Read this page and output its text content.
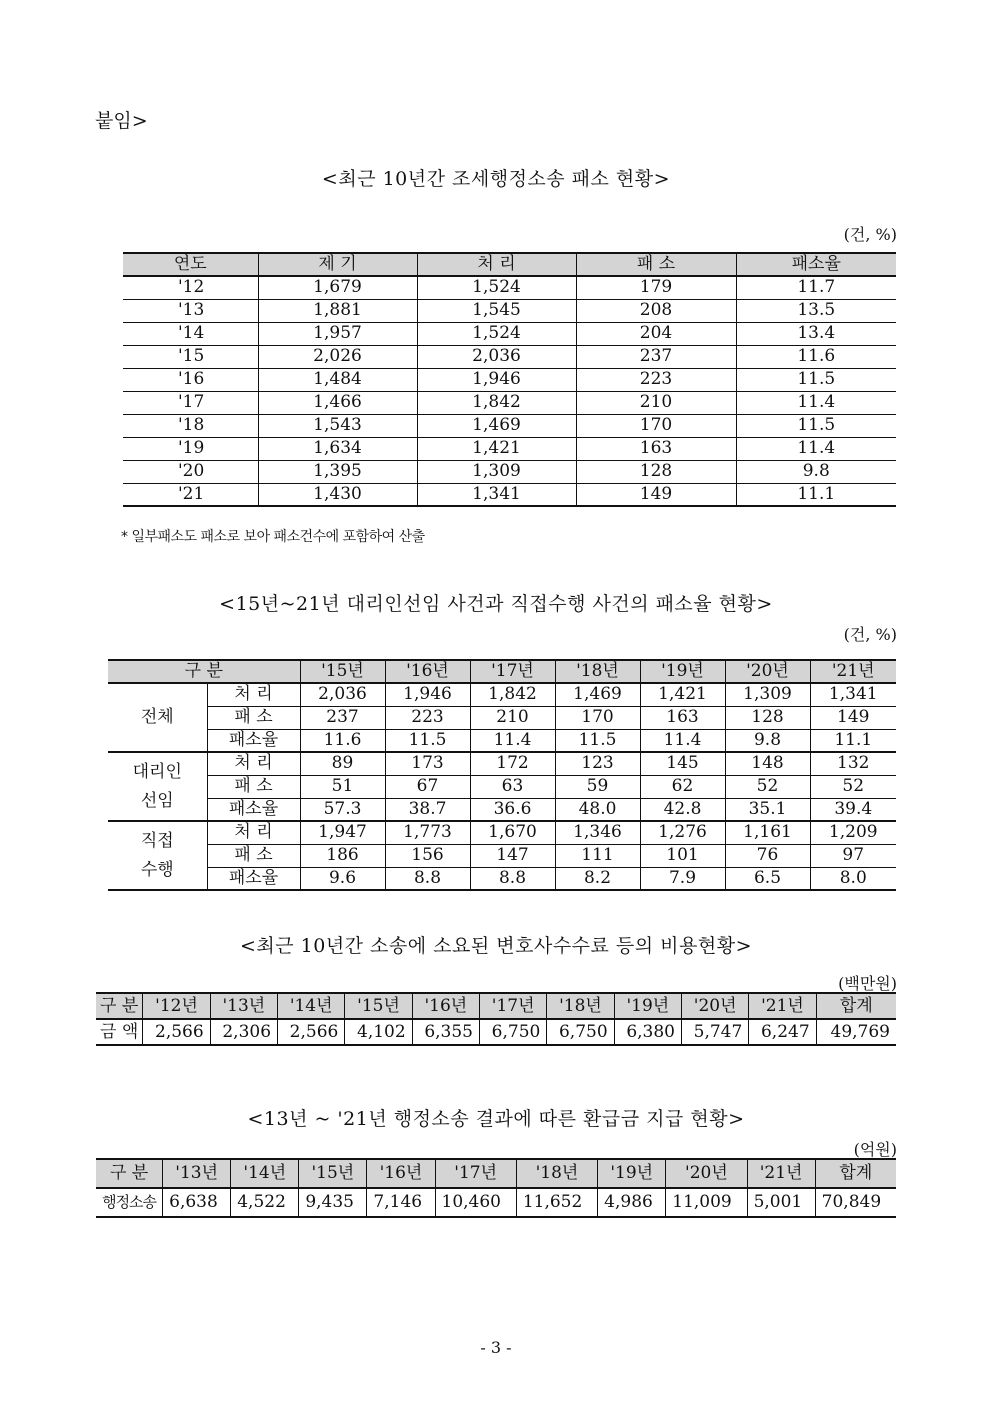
붙임>
<최근 10년간 조세행정소송 패소 현황>
(건, %)
연도	제 기	처 리	패 소	패소율
'12	1,679	1,524	179	11.7
'13	1,881	1,545	208	13.5
'14	1,957	1,524	204	13.4
'15	2,026	2,036	237	11.6
'16	1,484	1,946	223	11.5
'17	1,466	1,842	210	11.4
'18	1,543	1,469	170	11.5
'19	1,634	1,421	163	11.4
'20	1,395	1,309	128	9.8
'21	1,430	1,341	149	11.1
* 일부패소도 패소로 보아 패소건수에 포함하여 산출
<15년~21년 대리인선임 사건과 직접수행 사건의 패소율 현황>
(건, %)
구 분		'15년	'16년	'17년	'18년	'19년	'20년	'21년

전체	처 리	2,036	1,946	1,842	1,469	1,421	1,309	1,341
	패 소	237	223	210	170	163	128	149
	패소율	11.6	11.5	11.4	11.5	11.4	9.8	11.1

대리인
선임	처 리	89	173	172	123	145	148	132
	패 소	51	67	63	59	62	52	52
	패소율	57.3	38.7	36.6	48.0	42.8	35.1	39.4

직접
수행	처 리	1,947	1,773	1,670	1,346	1,276	1,161	1,209
	패 소	186	156	147	111	101	76	97
	패소율	9.6	8.8	8.8	8.2	7.9	6.5	8.0
<최근 10년간 소송에 소요된 변호사수수료 등의 비용현황>
(백만원)
구 분	'12년	'13년	'14년	'15년	'16년	'17년	'18년	'19년	'20년	'21년	합계
금 액	2,566	2,306	2,566	4,102	6,355	6,750	6,750	6,380	5,747	6,247	49,769
<13년 ~ '21년 행정소송 결과에 따른 환급금 지급 현황>
(억원)
구 분	'13년	'14년	'15년	'16년	'17년	'18년	'19년	'20년	'21년	합계
행정소송	6,638	4,522	9,435	7,146	10,460	11,652	4,986	11,009	5,001	70,849
- 3 -
